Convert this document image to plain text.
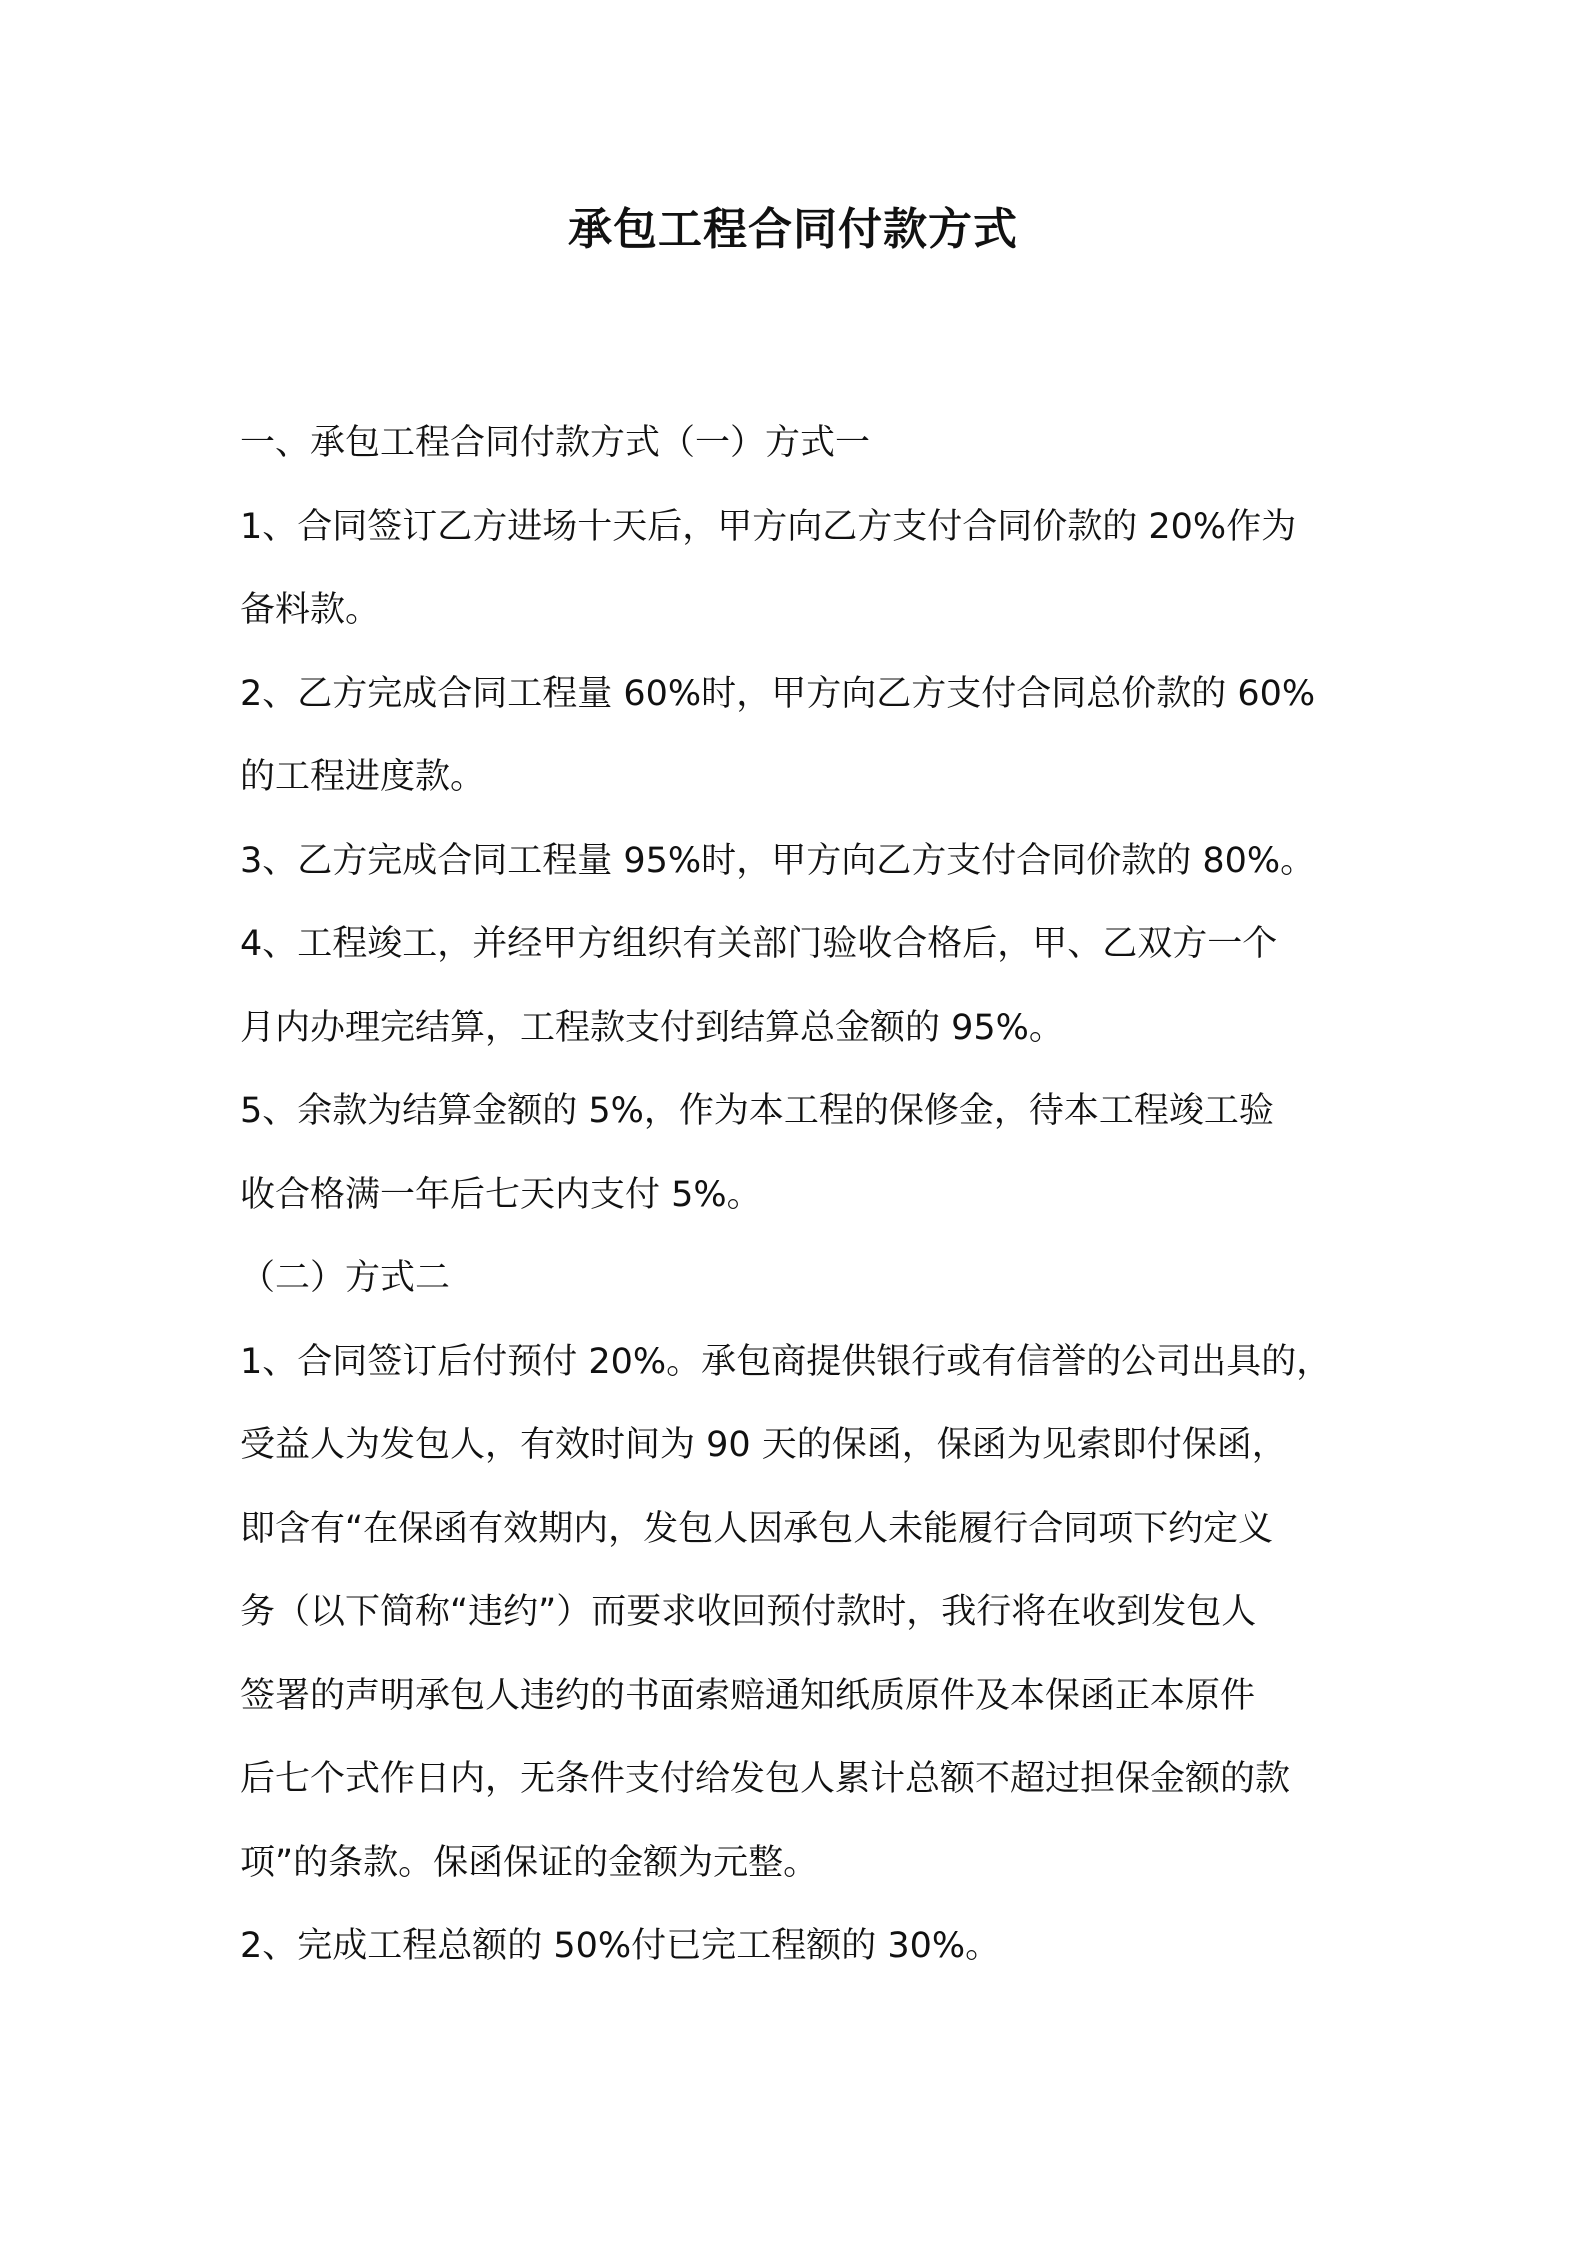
承包工程合同付款方式
一、承包工程合同付款方式（一）方式一
1、合同签订乙方进场十天后，甲方向乙方支付合同价款的 20%作为
备料款。
2、乙方完成合同工程量 60%时，甲方向乙方支付合同总价款的 60%
的工程进度款。
3、乙方完成合同工程量 95%时，甲方向乙方支付合同价款的 80%。
4、工程竣工，并经甲方组织有关部门验收合格后，甲、乙双方一个
月内办理完结算，工程款支付到结算总金额的 95%。
5、余款为结算金额的 5%，作为本工程的保修金，待本工程竣工验
收合格满一年后七天内支付 5%。
（二）方式二
1、合同签订后付预付 20%。承包商提供银行或有信誉的公司出具的，
受益人为发包人，有效时间为 90 天的保函，保函为见索即付保函，
即含有“在保函有效期内，发包人因承包人未能履行合同项下约定义
务（以下简称“违约”）而要求收回预付款时，我行将在收到发包人
签署的声明承包人违约的书面索赔通知纸质原件及本保函正本原件
后七个式作日内，无条件支付给发包人累计总额不超过担保金额的款
项”的条款。保函保证的金额为元整。
2、完成工程总额的 50%付已完工程额的 30%。
